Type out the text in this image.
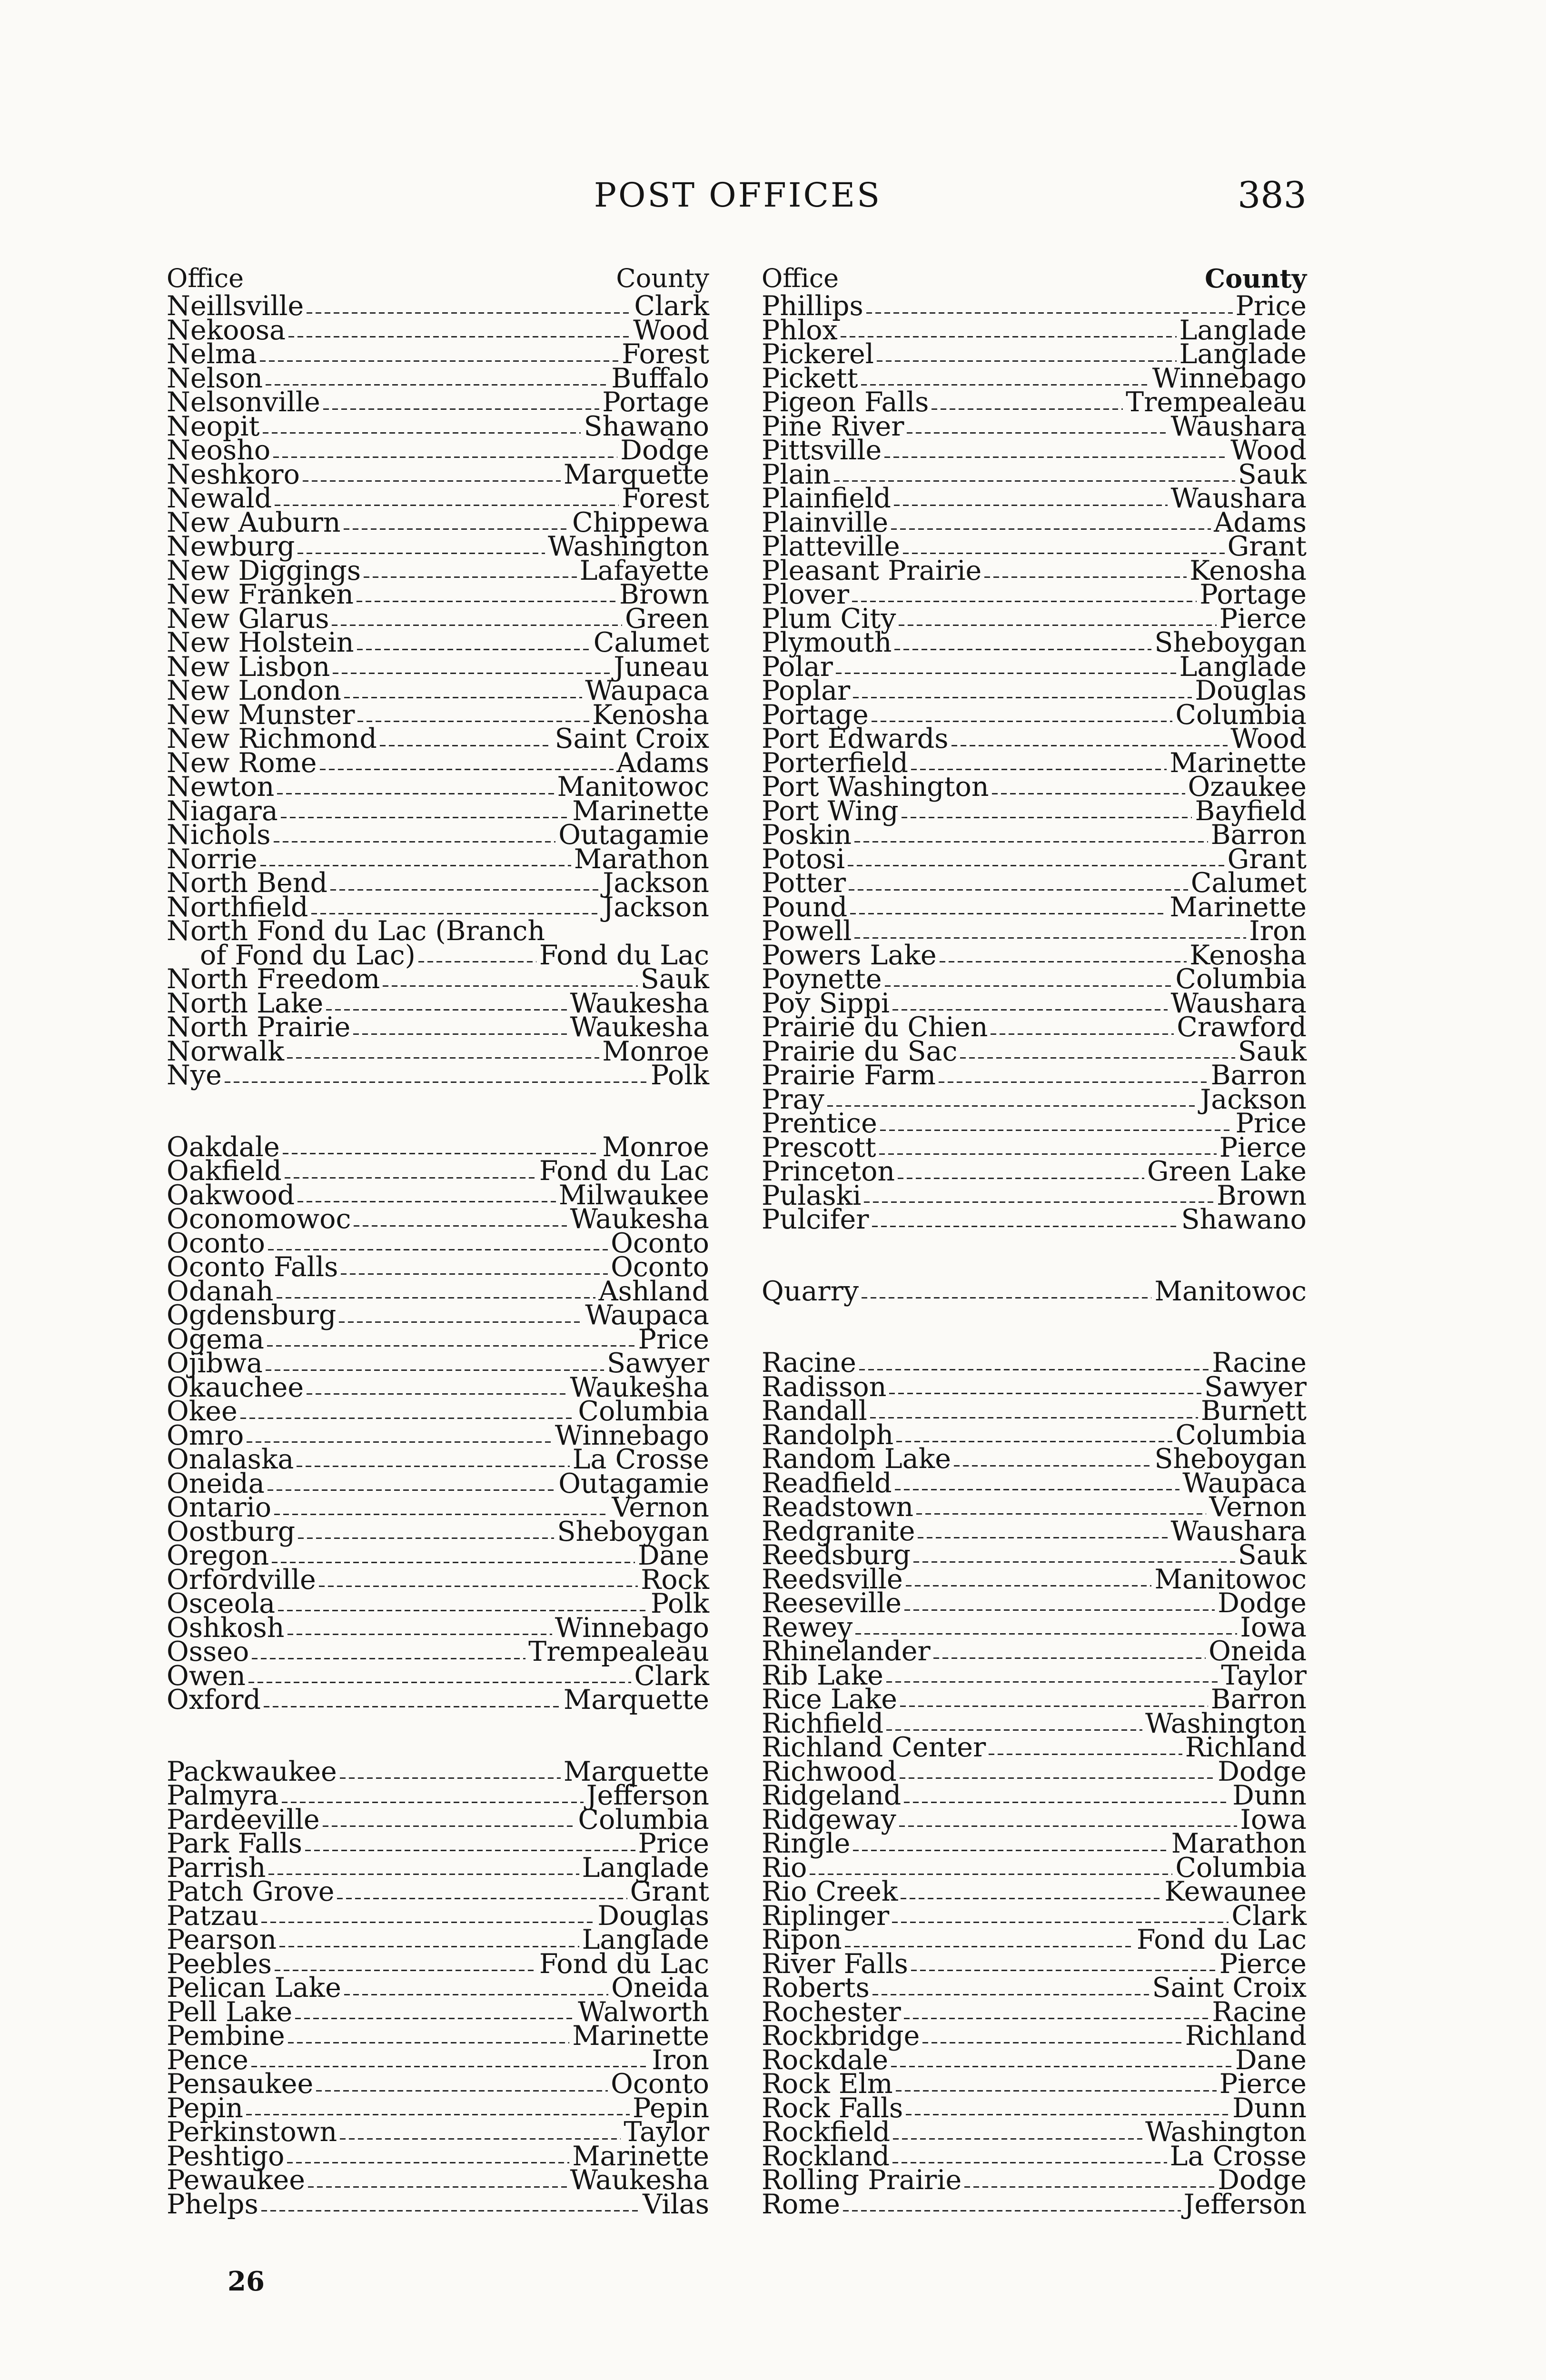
POST OFFICES	383
Office	County
Neillsville	Clark
Nekoosa	Wood
Nelma	Forest
Nelson	Buffalo
Nelsonville	Portage
Neopit	Shawano
Neosho	Dodge
Neshkoro	Marquette
Newald	Forest
New Auburn	Chippewa
Newburg	Washington
New Diggings	Lafayette
New Franken	Brown
New Glarus	Green
New Holstein	Calumet
New Lisbon	Juneau
New London	Waupaca
New Munster	Kenosha
New Richmond	Saint Croix
New Rome	Adams
Newton	Manitowoc
Niagara	Marinette
Nichols	Outagamie
Norrie	Marathon
North Bend	Jackson
Northfield	Jackson
North Fond du Lac (Branch
of Fond du Lac)	Fond du Lac
North Freedom	Sauk
North Lake	Waukesha
North Prairie	Waukesha
Norwalk	Monroe
Nye	Polk
Oakdale	Monroe
Oakfield	Fond du Lac
Oakwood	Milwaukee
Oconomowoc	Waukesha
Oconto	Oconto
Oconto Falls	Oconto
Odanah	Ashland
Ogdensburg	Waupaca
Ogema	Price
Ojibwa	Sawyer
Okauchee	Waukesha
Okee	Columbia
Omro	Winnebago
Onalaska	La Crosse
Oneida	Outagamie
Ontario	Vernon
Oostburg	Sheboygan
Oregon	Dane
Orfordville	Rock
Osceola	Polk
Oshkosh	Winnebago
Osseo	Trempealeau
Owen	Clark
Oxford	Marquette
Packwaukee	Marquette
Palmyra	Jefferson
Pardeeville	Columbia
Park Falls	Price
Parrish	Langlade
Patch Grove	Grant
Patzau	Douglas
Pearson	Langlade
Peebles	Fond du Lac
Pelican Lake	Oneida
Pell Lake	Walworth
Pembine	Marinette
Pence	Iron
Pensaukee	Oconto
Pepin	Pepin
Perkinstown	Taylor
Peshtigo	Marinette
Pewaukee	Waukesha
Phelps	Vilas
Office	County
Phillips	Price
Phlox	Langlade
Pickerel	Langlade
Pickett	Winnebago
Pigeon Falls	Trempealeau
Pine River	Waushara
Pittsville	Wood
Plain	Sauk
Plainfield	Waushara
Plainville	Adams
Platteville	Grant
Pleasant Prairie	Kenosha
Plover	Portage
Plum City	Pierce
Plymouth	Sheboygan
Polar	Langlade
Poplar	Douglas
Portage	Columbia
Port Edwards	Wood
Porterfield	Marinette
Port Washington	Ozaukee
Port Wing	Bayfield
Poskin	Barron
Potosi	Grant
Potter	Calumet
Pound	Marinette
Powell	Iron
Powers Lake	Kenosha
Poynette	Columbia
Poy Sippi	Waushara
Prairie du Chien	Crawford
Prairie du Sac	Sauk
Prairie Farm	Barron
Pray	Jackson
Prentice	Price
Prescott	Pierce
Princeton	Green Lake
Pulaski	Brown
Pulcifer	Shawano
Quarry	Manitowoc
Racine	Racine
Radisson	Sawyer
Randall	Burnett
Randolph	Columbia
Random Lake	Sheboygan
Readfield	Waupaca
Readstown	Vernon
Redgranite	Waushara
Reedsburg	Sauk
Reedsville	Manitowoc
Reeseville	Dodge
Rewey	Iowa
Rhinelander	Oneida
Rib Lake	Taylor
Rice Lake	Barron
Richfield	Washington
Richland Center	Richland
Richwood	Dodge
Ridgeland	Dunn
Ridgeway	Iowa
Ringle	Marathon
Rio	Columbia
Rio Creek	Kewaunee
Riplinger	Clark
Ripon	Fond du Lac
River Falls	Pierce
Roberts	Saint Croix
Rochester	Racine
Rockbridge	Richland
Rockdale	Dane
Rock Elm	Pierce
Rock Falls	Dunn
Rockfield	Washington
Rockland	La Crosse
Rolling Prairie	Dodge
Rome	Jefferson
26
